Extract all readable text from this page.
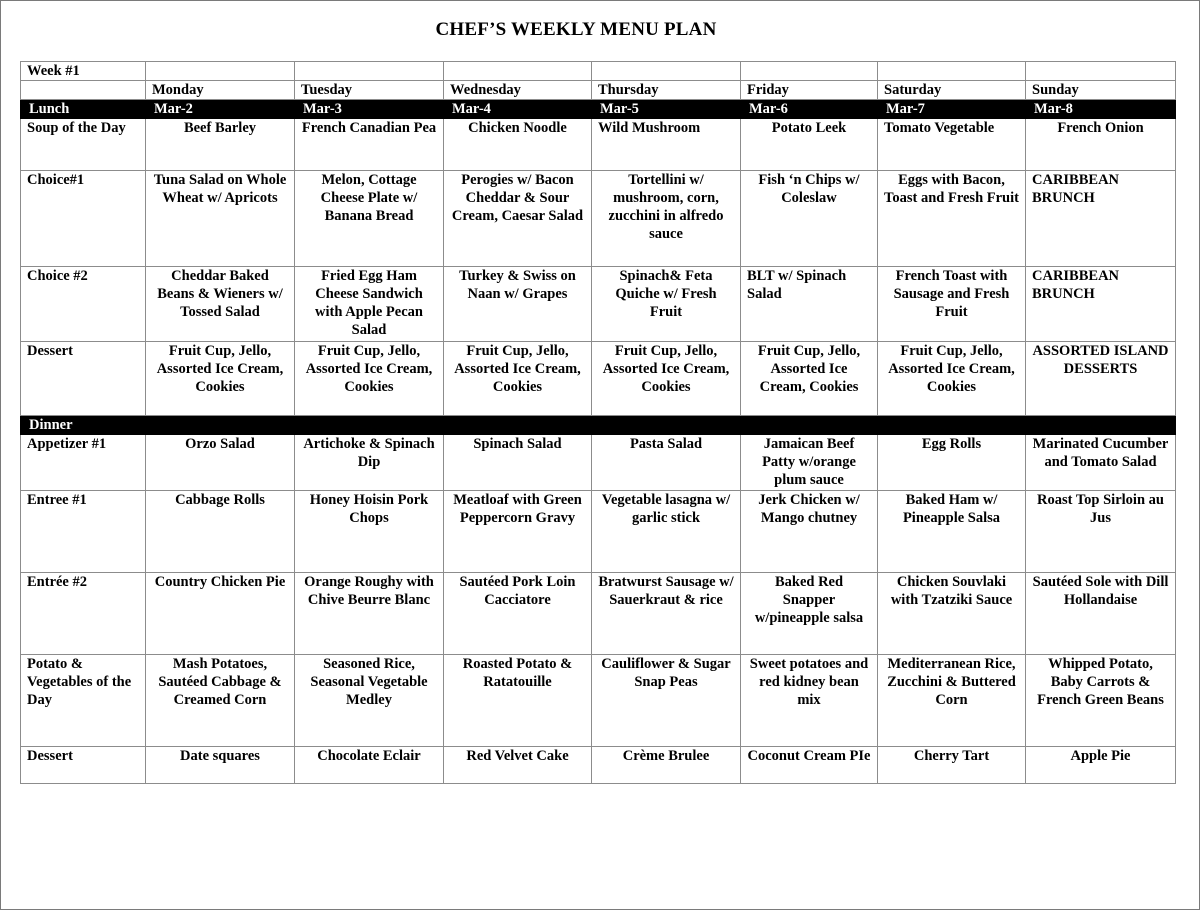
CHEF’S WEEKLY MENU PLAN
Week #1							
	Monday	Tuesday	Wednesday	Thursday	Friday	Saturday	Sunday
Lunch	Mar-2	Mar-3	Mar-4	Mar-5	Mar-6	Mar-7	Mar-8
Soup of the Day	Beef Barley	French Canadian Pea	Chicken Noodle	Wild Mushroom	Potato Leek	Tomato Vegetable	French Onion
Choice#1	Tuna Salad on Whole Wheat w/ Apricots	Melon, Cottage Cheese Plate w/ Banana Bread	Perogies w/ Bacon Cheddar & Sour Cream, Caesar Salad	Tortellini w/ mushroom, corn, zucchini in alfredo sauce	Fish ‘n Chips w/ Coleslaw	Eggs with Bacon, Toast and Fresh Fruit	CARIBBEAN BRUNCH
Choice #2	Cheddar Baked Beans & Wieners w/ Tossed Salad	Fried Egg Ham Cheese Sandwich with Apple Pecan Salad	Turkey & Swiss on Naan w/ Grapes	Spinach& Feta Quiche w/ Fresh Fruit	BLT w/ Spinach Salad	French Toast with Sausage and Fresh Fruit	CARIBBEAN BRUNCH
Dessert	Fruit Cup, Jello, Assorted Ice Cream, Cookies	Fruit Cup, Jello, Assorted Ice Cream, Cookies	Fruit Cup, Jello, Assorted Ice Cream, Cookies	Fruit Cup, Jello, Assorted Ice Cream, Cookies	Fruit Cup, Jello, Assorted Ice Cream, Cookies	Fruit Cup, Jello, Assorted Ice Cream, Cookies	ASSORTED ISLAND DESSERTS
Dinner							
Appetizer #1	Orzo Salad	Artichoke & Spinach Dip	Spinach Salad	Pasta Salad	Jamaican Beef Patty w/orange plum sauce	Egg Rolls	Marinated Cucumber and Tomato Salad
Entree #1	Cabbage Rolls	Honey Hoisin Pork Chops	Meatloaf with Green Peppercorn Gravy	Vegetable lasagna w/ garlic stick	Jerk Chicken w/ Mango chutney	Baked Ham w/ Pineapple Salsa	Roast Top Sirloin au Jus
Entrée #2	Country Chicken Pie	Orange Roughy with Chive Beurre Blanc	Sautéed Pork Loin Cacciatore	Bratwurst Sausage w/ Sauerkraut & rice	Baked Red Snapper w/pineapple salsa	Chicken Souvlaki with Tzatziki Sauce	Sautéed Sole with Dill Hollandaise
Potato & Vegetables of the Day	Mash Potatoes, Sautéed Cabbage & Creamed Corn	Seasoned Rice, Seasonal Vegetable Medley	Roasted Potato & Ratatouille	Cauliflower & Sugar Snap Peas	Sweet potatoes and red kidney bean mix	Mediterranean Rice, Zucchini & Buttered Corn	Whipped Potato, Baby Carrots & French Green Beans
Dessert	Date squares	Chocolate Eclair	Red Velvet Cake	Crème Brulee	Coconut Cream PIe	Cherry Tart	Apple Pie
